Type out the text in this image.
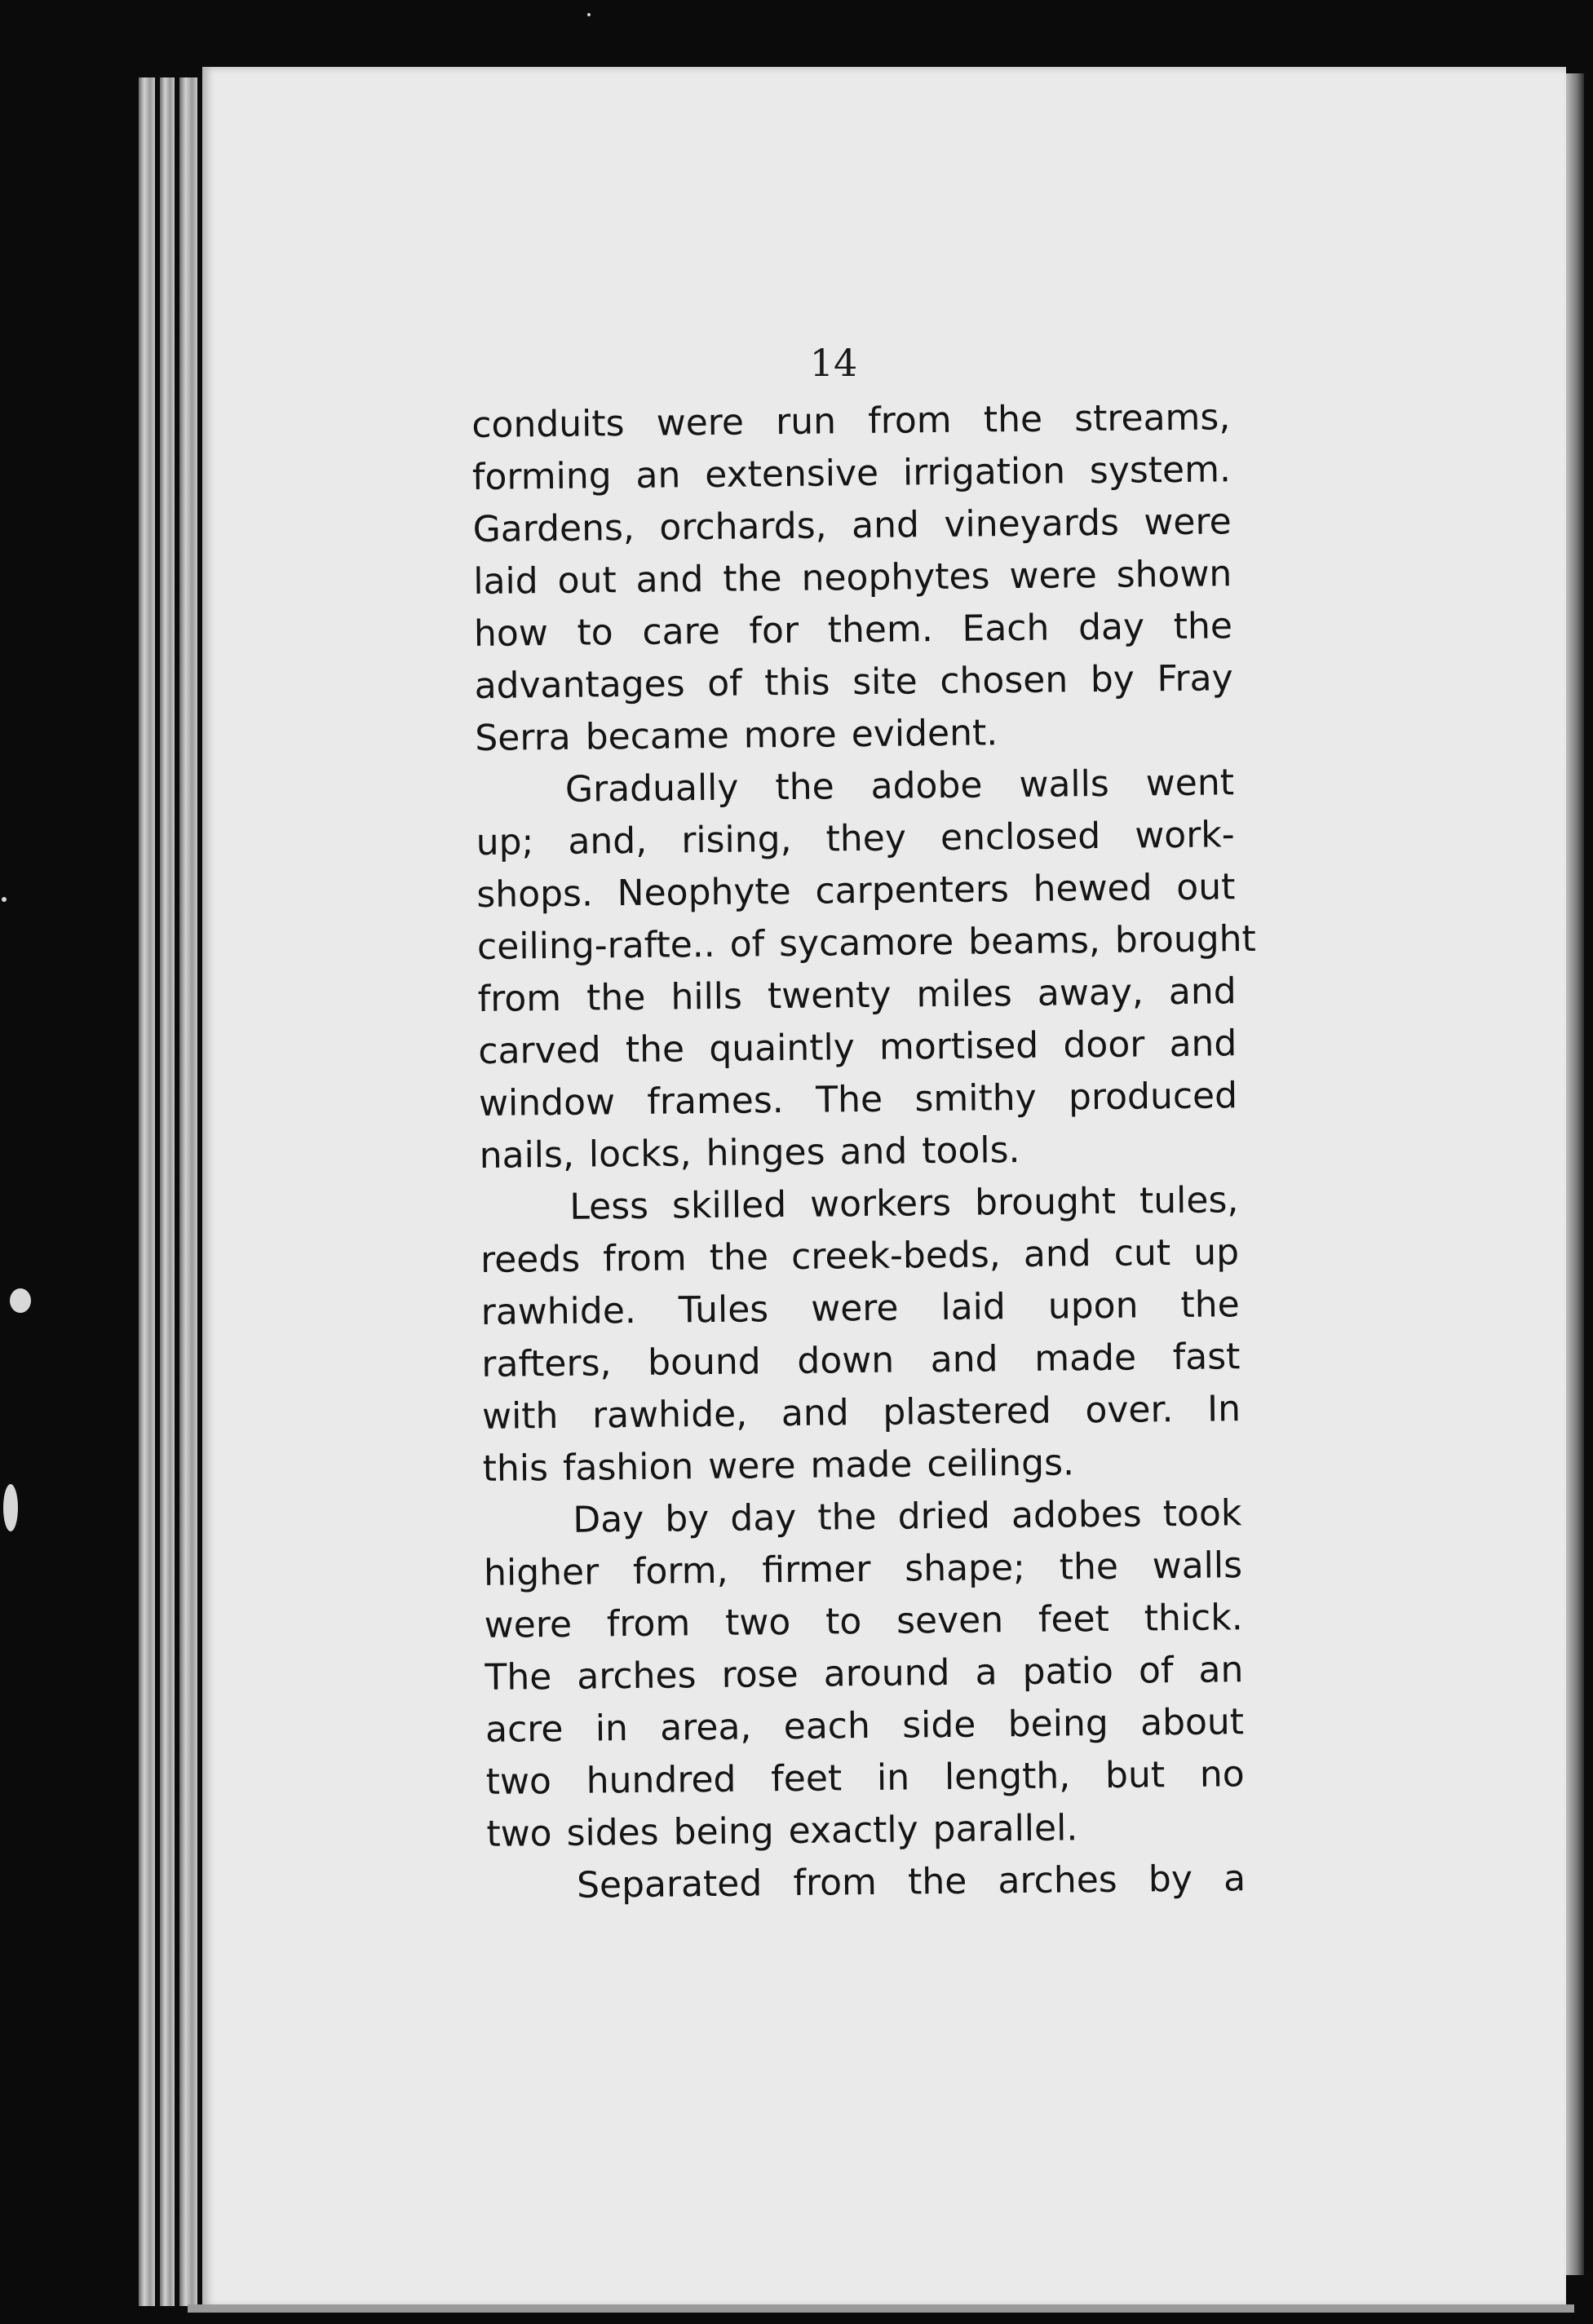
14
conduits were run from the streams,
forming an extensive irrigation system.
Gardens, orchards, and vineyards were
laid out and the neophytes were shown
how to care for them. Each day the
advantages of this site chosen by Fray
Serra became more evident.
Gradually the adobe walls went
up; and, rising, they enclosed work-
shops. Neophyte carpenters hewed out
ceiling-rafte.. of sycamore beams, brought
from the hills twenty miles away, and
carved the quaintly mortised door and
window frames. The smithy produced
nails, locks, hinges and tools.
Less skilled workers brought tules,
reeds from the creek-beds, and cut up
rawhide. Tules were laid upon the
rafters, bound down and made fast
with rawhide, and plastered over. In
this fashion were made ceilings.
Day by day the dried adobes took
higher form, firmer shape; the walls
were from two to seven feet thick.
The arches rose around a patio of an
acre in area, each side being about
two hundred feet in length, but no
two sides being exactly parallel.
Separated from the arches by a
